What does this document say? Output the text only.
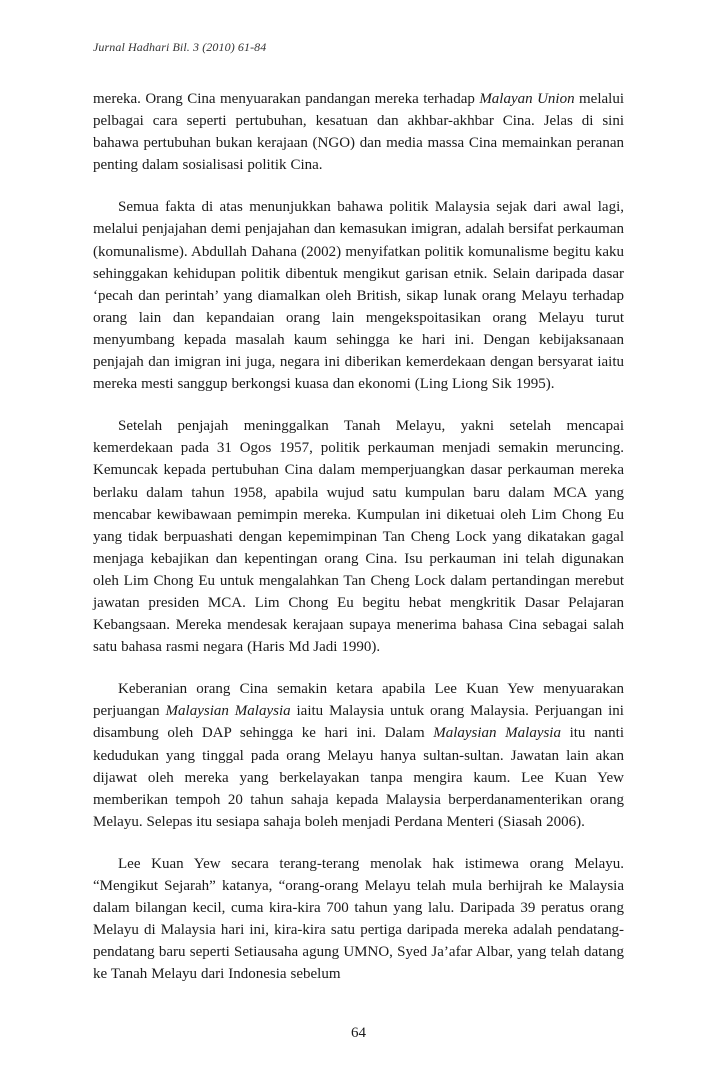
Jurnal Hadhari Bil. 3 (2010) 61-84

mereka. Orang Cina menyuarakan pandangan mereka terhadap Malayan Union melalui pelbagai cara seperti pertubuhan, kesatuan dan akhbar-akhbar Cina. Jelas di sini bahawa pertubuhan bukan kerajaan (NGO) dan media massa Cina memainkan peranan penting dalam sosialisasi politik Cina.

Semua fakta di atas menunjukkan bahawa politik Malaysia sejak dari awal lagi, melalui penjajahan demi penjajahan dan kemasukan imigran, adalah bersifat perkauman (komunalisme). Abdullah Dahana (2002) menyifatkan politik komunalisme begitu kaku sehinggakan kehidupan politik dibentuk mengikut garisan etnik. Selain daripada dasar ‘pecah dan perintah’ yang diamalkan oleh British, sikap lunak orang Melayu terhadap orang lain dan kepandaian orang lain mengekspoitasikan orang Melayu turut menyumbang kepada masalah kaum sehingga ke hari ini. Dengan kebijaksanaan penjajah dan imigran ini juga, negara ini diberikan kemerdekaan dengan bersyarat iaitu mereka mesti sanggup berkongsi kuasa dan ekonomi (Ling Liong Sik 1995).

Setelah penjajah meninggalkan Tanah Melayu, yakni setelah mencapai kemerdekaan pada 31 Ogos 1957, politik perkauman menjadi semakin meruncing. Kemuncak kepada pertubuhan Cina dalam memperjuangkan dasar perkauman mereka berlaku dalam tahun 1958, apabila wujud satu kumpulan baru dalam MCA yang mencabar kewibawaan pemimpin mereka. Kumpulan ini diketuai oleh Lim Chong Eu yang tidak berpuashati dengan kepemimpinan Tan Cheng Lock yang dikatakan gagal menjaga kebajikan dan kepentingan orang Cina. Isu perkauman ini telah digunakan oleh Lim Chong Eu untuk mengalahkan Tan Cheng Lock dalam pertandingan merebut jawatan presiden MCA. Lim Chong Eu begitu hebat mengkritik Dasar Pelajaran Kebangsaan. Mereka mendesak kerajaan supaya menerima bahasa Cina sebagai salah satu bahasa rasmi negara (Haris Md Jadi 1990).

Keberanian orang Cina semakin ketara apabila Lee Kuan Yew menyuarakan perjuangan Malaysian Malaysia iaitu Malaysia untuk orang Malaysia. Perjuangan ini disambung oleh DAP sehingga ke hari ini. Dalam Malaysian Malaysia itu nanti kedudukan yang tinggal pada orang Melayu hanya sultan-sultan. Jawatan lain akan dijawat oleh mereka yang berkelayakan tanpa mengira kaum. Lee Kuan Yew memberikan tempoh 20 tahun sahaja kepada Malaysia berperdanamenterikan orang Melayu. Selepas itu sesiapa sahaja boleh menjadi Perdana Menteri (Siasah 2006).

Lee Kuan Yew secara terang-terang menolak hak istimewa orang Melayu. “Mengikut Sejarah” katanya, “orang-orang Melayu telah mula berhijrah ke Malaysia dalam bilangan kecil, cuma kira-kira 700 tahun yang lalu. Daripada 39 peratus orang Melayu di Malaysia hari ini, kira-kira satu pertiga daripada mereka adalah pendatang-pendatang baru seperti Setiausaha agung UMNO, Syed Ja’afar Albar, yang telah datang ke Tanah Melayu dari Indonesia sebelum

64
